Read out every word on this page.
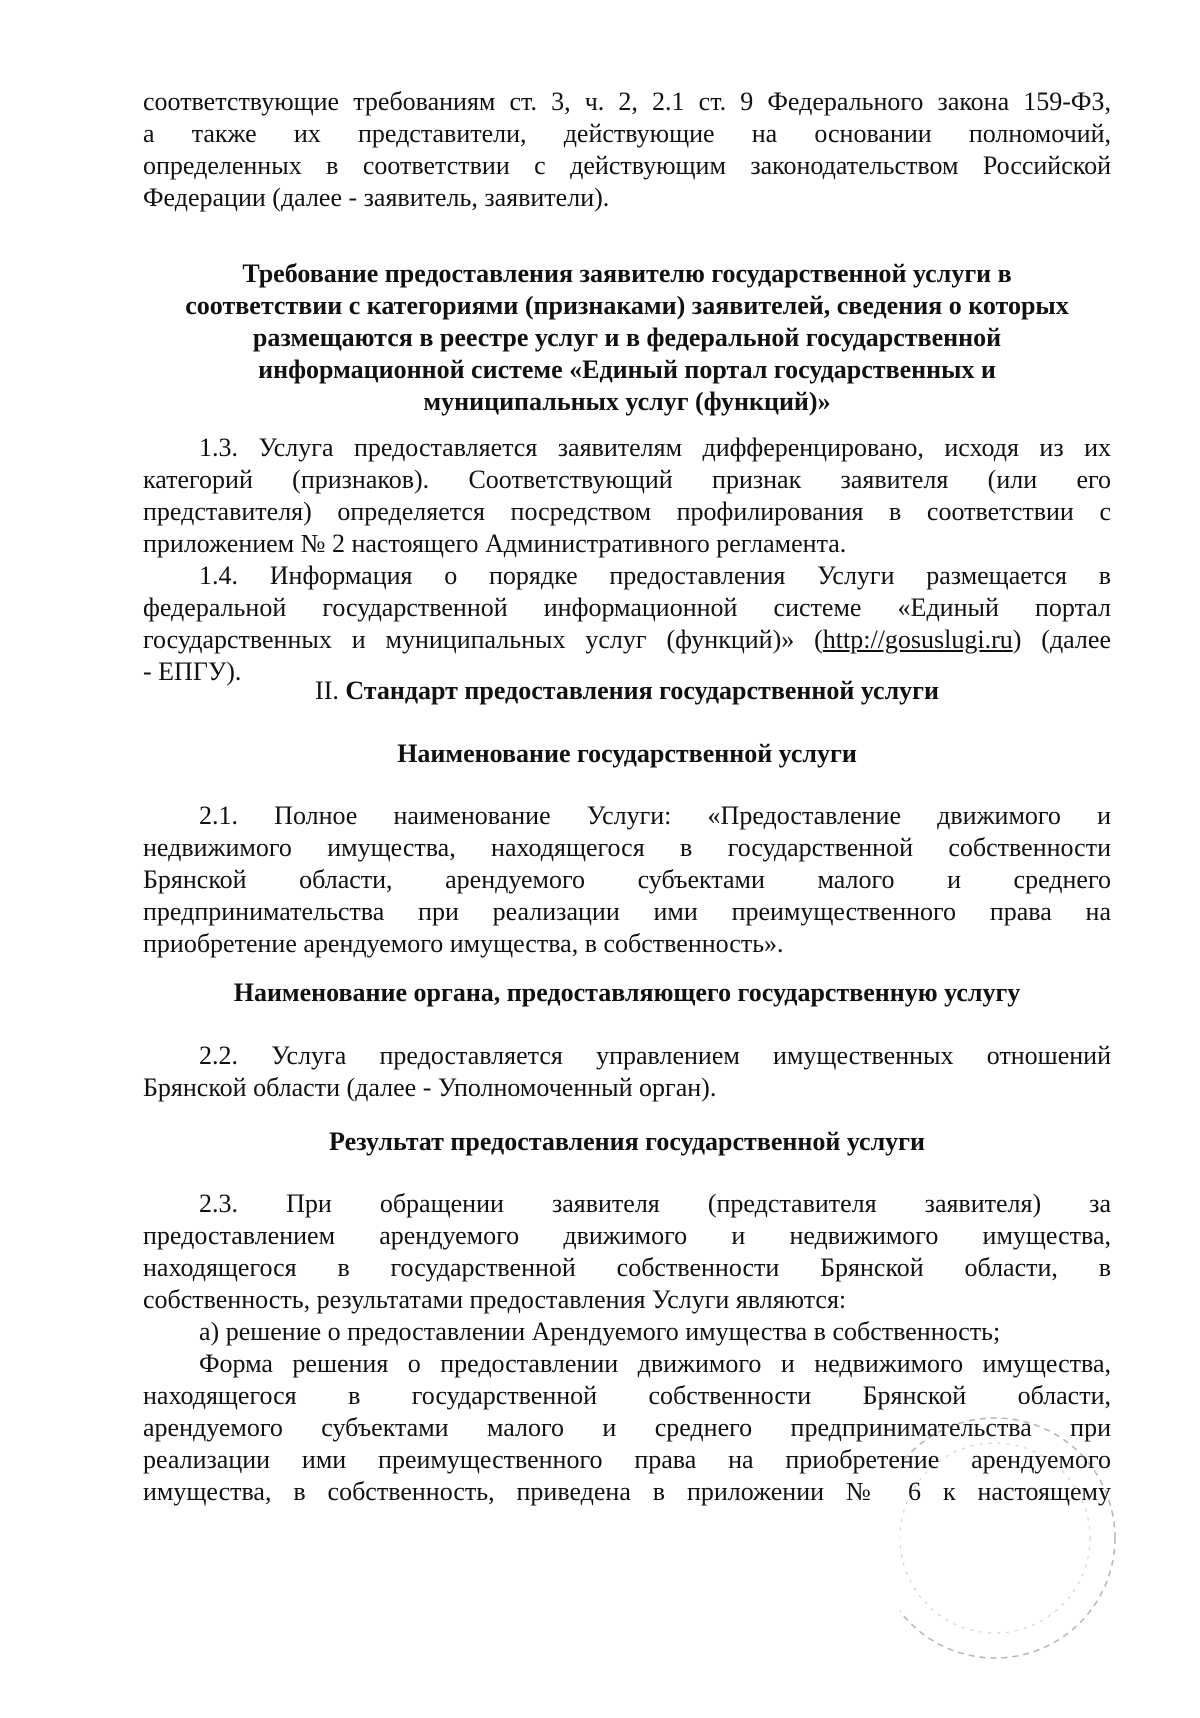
соответствующие требованиям ст. 3, ч. 2, 2.1 ст. 9 Федерального закона 159-ФЗ,
а также их представители, действующие на основании полномочий,
определенных в соответствии с действующим законодательством Российской
Федерации (далее - заявитель, заявители).
Требование предоставления заявителю государственной услуги в
соответствии с категориями (признаками) заявителей, сведения о которых
размещаются в реестре услуг и в федеральной государственной
информационной системе «Единый портал государственных и
муниципальных услуг (функций)»
1.3. Услуга предоставляется заявителям дифференцировано, исходя из их
категорий (признаков). Соответствующий признак заявителя (или его
представителя) определяется посредством профилирования в соответствии с
приложением № 2 настоящего Административного регламента.
1.4. Информация о порядке предоставления Услуги размещается в
федеральной государственной информационной системе «Единый портал
государственных и муниципальных услуг (функций)» (http://gosuslugi.ru) (далее
- ЕПГУ).
II. Стандарт предоставления государственной услуги
Наименование государственной услуги
2.1. Полное наименование Услуги: «Предоставление движимого и
недвижимого имущества, находящегося в государственной собственности
Брянской области, арендуемого субъектами малого и среднего
предпринимательства при реализации ими преимущественного права на
приобретение арендуемого имущества, в собственность».
Наименование органа, предоставляющего государственную услугу
2.2. Услуга предоставляется управлением имущественных отношений
Брянской области (далее - Уполномоченный орган).
Результат предоставления государственной услуги
2.3. При обращении заявителя (представителя заявителя) за
предоставлением арендуемого движимого и недвижимого имущества,
находящегося в государственной собственности Брянской области, в
собственность, результатами предоставления Услуги являются:
а) решение о предоставлении Арендуемого имущества в собственность;
Форма решения о предоставлении движимого и недвижимого имущества,
находящегося в государственной собственности Брянской области,
арендуемого субъектами малого и среднего предпринимательства при
реализации ими преимущественного права на приобретение арендуемого
имущества, в собственность, приведена в приложении № 6 к настоящему
